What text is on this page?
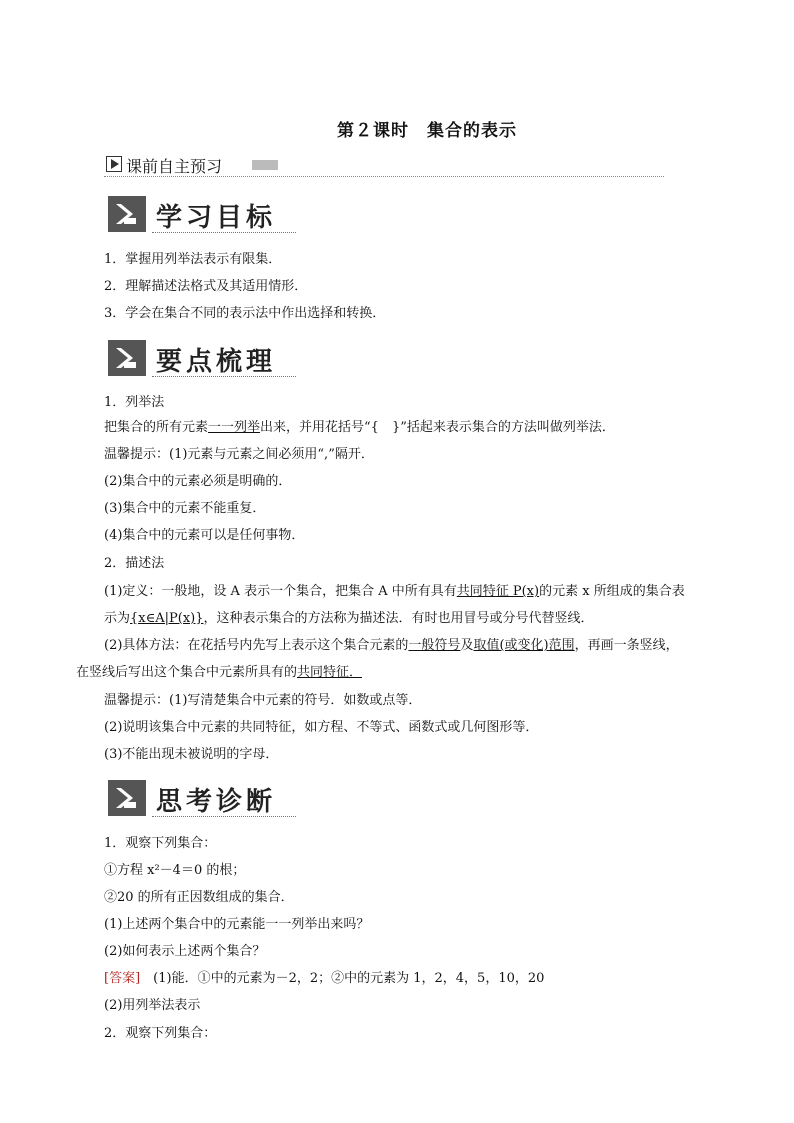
第２课时　集合的表示
课前自主预习
学习目标
1．掌握用列举法表示有限集．
2．理解描述法格式及其适用情形．
3．学会在集合不同的表示法中作出选择和转换．
要点梳理
1．列举法
把集合的所有元素一一列举出来，并用花括号“{　}”括起来表示集合的方法叫做列举法．
温馨提示：(1)元素与元素之间必须用“,”隔开．
(2)集合中的元素必须是明确的．
(3)集合中的元素不能重复．
(4)集合中的元素可以是任何事物．
2．描述法
(1)定义：一般地，设 A 表示一个集合，把集合 A 中所有具有共同特征 P(x)的元素 x 所组成的集合表
示为{x∈A|P(x)}，这种表示集合的方法称为描述法．有时也用冒号或分号代替竖线．
(2)具体方法：在花括号内先写上表示这个集合元素的一般符号及取值(或变化)范围，再画一条竖线，
在竖线后写出这个集合中元素所具有的共同特征．
温馨提示：(1)写清楚集合中元素的符号．如数或点等．
(2)说明该集合中元素的共同特征，如方程、不等式、函数式或几何图形等．
(3)不能出现未被说明的字母．
思考诊断
1．观察下列集合：
①方程 x²－4＝0 的根；
②20 的所有正因数组成的集合．
(1)上述两个集合中的元素能一一列举出来吗？
(2)如何表示上述两个集合？
[答案]　(1)能．①中的元素为－2，2；②中的元素为 1，2，4，5，10，20
(2)用列举法表示
2．观察下列集合：
